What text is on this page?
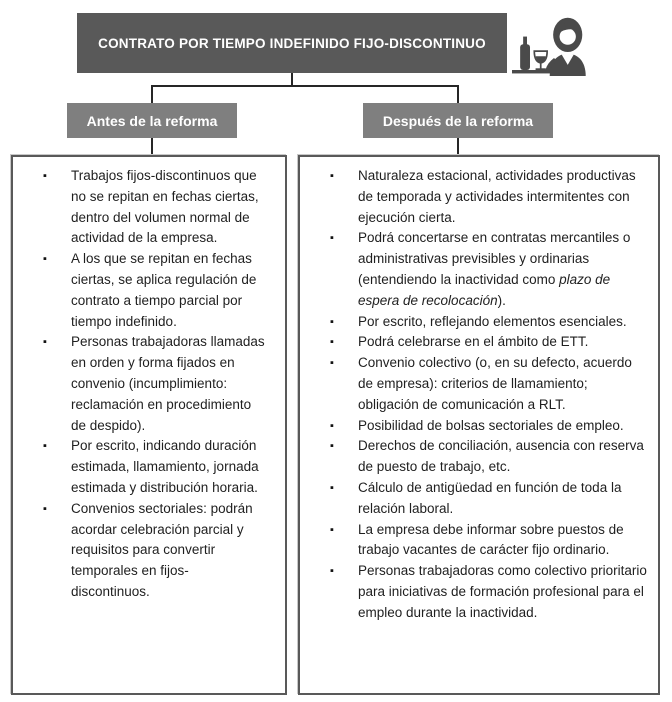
CONTRATO POR TIEMPO INDEFINIDO FIJO-DISCONTINUO
Antes de la reforma	Después de la reforma
▪	Trabajos fijos-discontinuos que no se repitan en fechas ciertas, dentro del volumen normal de actividad de la empresa.
▪	A los que se repitan en fechas ciertas, se aplica regulación de contrato a tiempo parcial por tiempo indefinido.
▪	Personas trabajadoras llamadas en orden y forma fijados en convenio (incumplimiento: reclamación en procedimiento de despido).
▪	Por escrito, indicando duración estimada, llamamiento, jornada estimada y distribución horaria.
▪	Convenios sectoriales: podrán acordar celebración parcial y requisitos para convertir temporales en fijos-discontinuos.
▪	Naturaleza estacional, actividades productivas de temporada y actividades intermitentes con ejecución cierta.
▪	Podrá concertarse en contratas mercantiles o administrativas previsibles y ordinarias (entendiendo la inactividad como plazo de espera de recolocación).
▪	Por escrito, reflejando elementos esenciales.
▪	Podrá celebrarse en el ámbito de ETT.
▪	Convenio colectivo (o, en su defecto, acuerdo de empresa): criterios de llamamiento; obligación de comunicación a RLT.
▪	Posibilidad de bolsas sectoriales de empleo.
▪	Derechos de conciliación, ausencia con reserva de puesto de trabajo, etc.
▪	Cálculo de antigüedad en función de toda la relación laboral.
▪	La empresa debe informar sobre puestos de trabajo vacantes de carácter fijo ordinario.
▪	Personas trabajadoras como colectivo prioritario para iniciativas de formación profesional para el empleo durante la inactividad.
